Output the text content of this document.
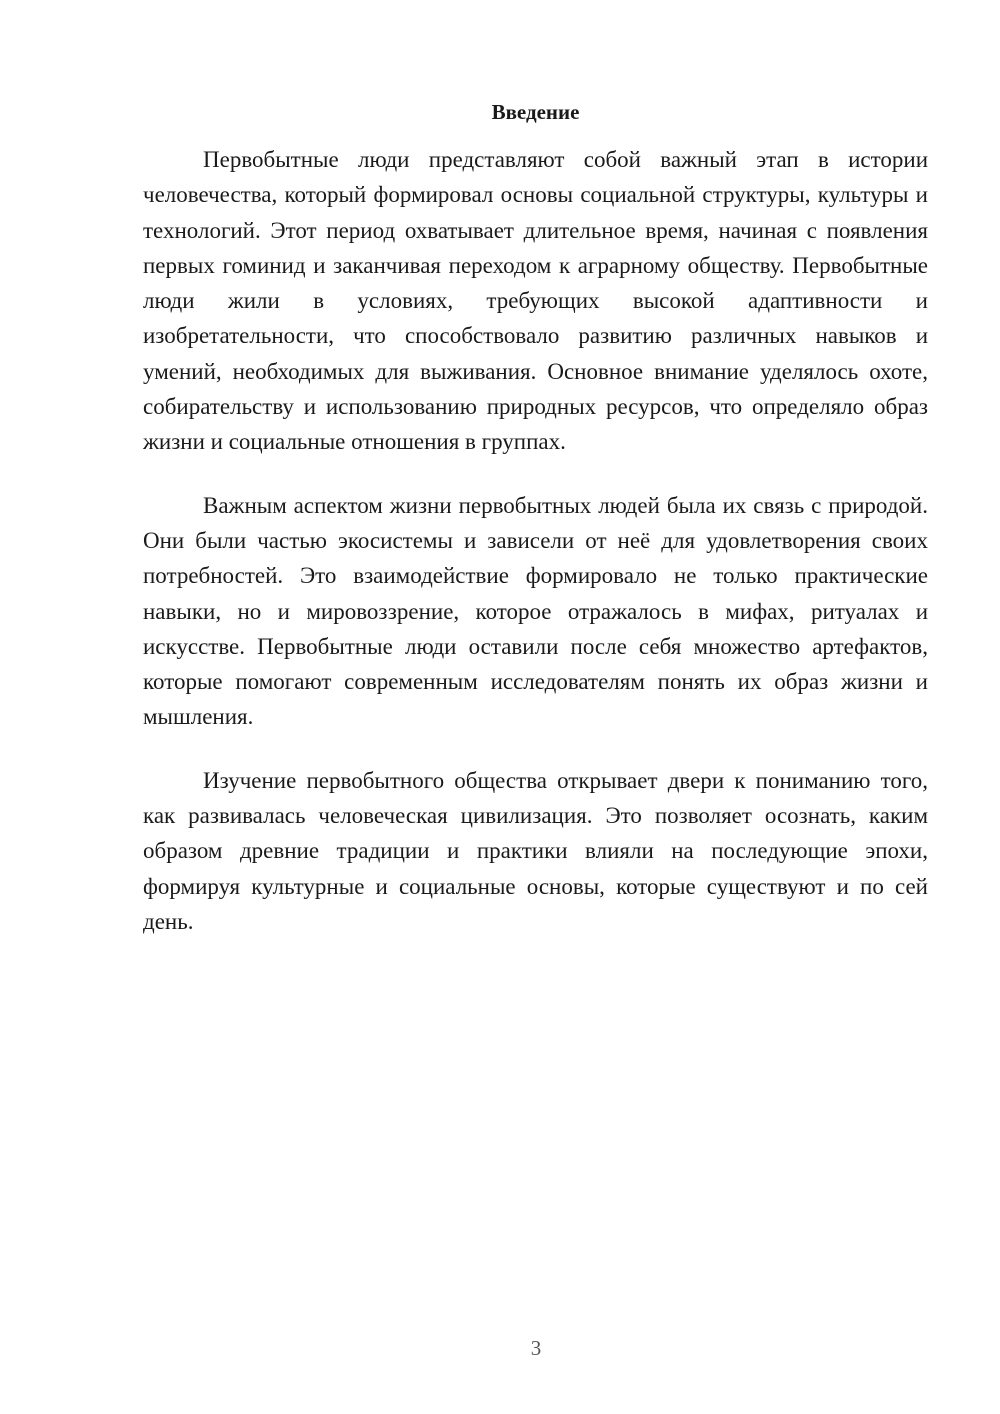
Введение

Первобытные люди представляют собой важный этап в истории человечества, который формировал основы социальной структуры, культуры и технологий. Этот период охватывает длительное время, начиная с появления первых гоминид и заканчивая переходом к аграрному обществу. Первобытные люди жили в условиях, требующих высокой адаптивности и изобретательности, что способствовало развитию различных навыков и умений, необходимых для выживания. Основное внимание уделялось охоте, собирательству и использованию природных ресурсов, что определяло образ жизни и социальные отношения в группах.

Важным аспектом жизни первобытных людей была их связь с природой. Они были частью экосистемы и зависели от неё для удовлетворения своих потребностей. Это взаимодействие формировало не только практические навыки, но и мировоззрение, которое отражалось в мифах, ритуалах и искусстве. Первобытные люди оставили после себя множество артефактов, которые помогают современным исследователям понять их образ жизни и мышления.

Изучение первобытного общества открывает двери к пониманию того, как развивалась человеческая цивилизация. Это позволяет осознать, каким образом древние традиции и практики влияли на последующие эпохи, формируя культурные и социальные основы, которые существуют и по сей день.

3
